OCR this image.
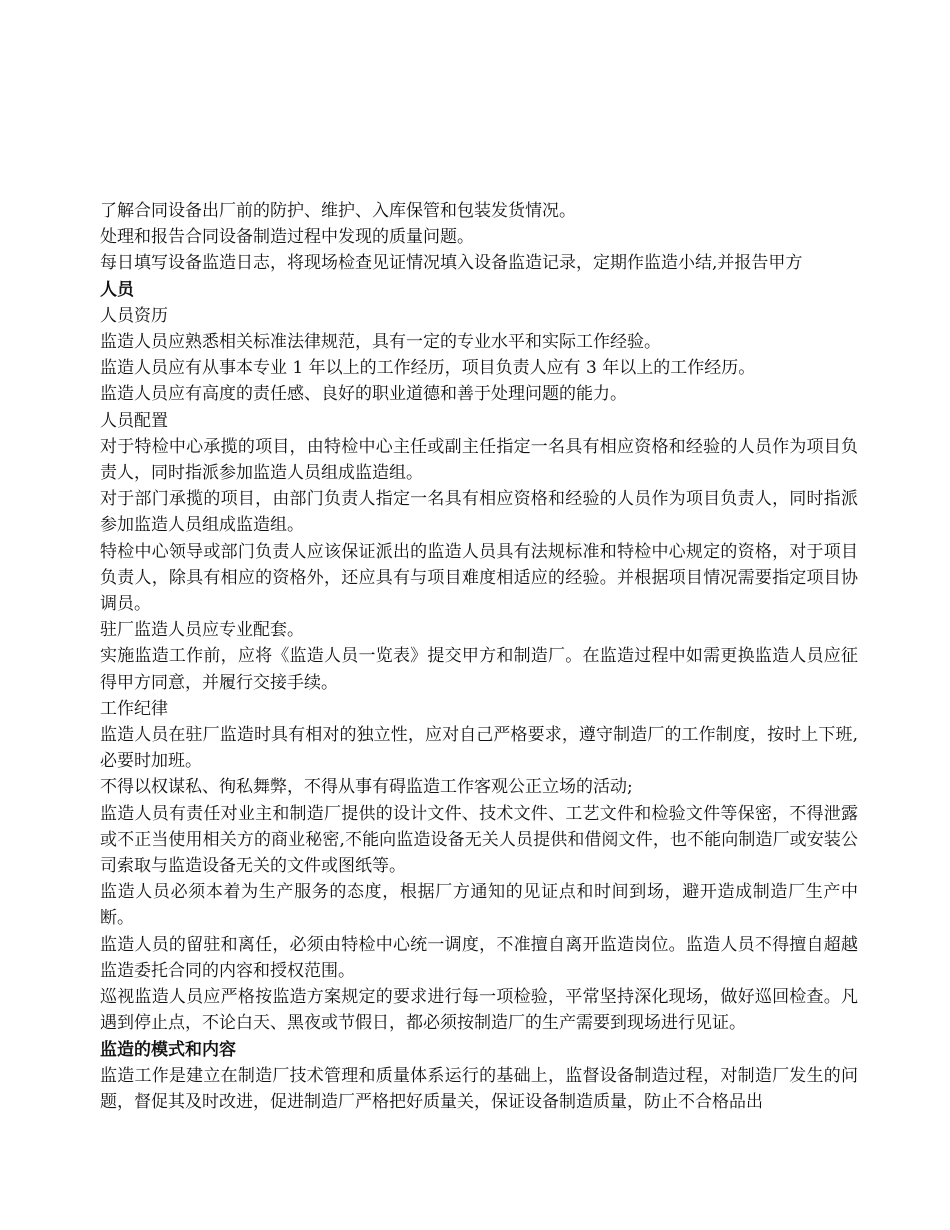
了解合同设备出厂前的防护、维护、入库保管和包装发货情况。

处理和报告合同设备制造过程中发现的质量问题。

每日填写设备监造日志，将现场检查见证情况填入设备监造记录，定期作监造小结,并报告甲方

人员

人员资历

监造人员应熟悉相关标准法律规范，具有一定的专业水平和实际工作经验。

监造人员应有从事本专业 1 年以上的工作经历，项目负责人应有 3 年以上的工作经历。

监造人员应有高度的责任感、良好的职业道德和善于处理问题的能力。

人员配置

对于特检中心承揽的项目，由特检中心主任或副主任指定一名具有相应资格和经验的人员作为项目负责人，同时指派参加监造人员组成监造组。

对于部门承揽的项目，由部门负责人指定一名具有相应资格和经验的人员作为项目负责人，同时指派参加监造人员组成监造组。

特检中心领导或部门负责人应该保证派出的监造人员具有法规标准和特检中心规定的资格，对于项目负责人，除具有相应的资格外，还应具有与项目难度相适应的经验。并根据项目情况需要指定项目协调员。

驻厂监造人员应专业配套。

实施监造工作前，应将《监造人员一览表》提交甲方和制造厂。在监造过程中如需更换监造人员应征得甲方同意，并履行交接手续。

工作纪律

监造人员在驻厂监造时具有相对的独立性，应对自己严格要求，遵守制造厂的工作制度，按时上下班,必要时加班。

不得以权谋私、徇私舞弊，不得从事有碍监造工作客观公正立场的活动;

监造人员有责任对业主和制造厂提供的设计文件、技术文件、工艺文件和检验文件等保密，不得泄露或不正当使用相关方的商业秘密,不能向监造设备无关人员提供和借阅文件，也不能向制造厂或安装公司索取与监造设备无关的文件或图纸等。

监造人员必须本着为生产服务的态度，根据厂方通知的见证点和时间到场，避开造成制造厂生产中断。

监造人员的留驻和离任，必须由特检中心统一调度，不准擅自离开监造岗位。监造人员不得擅自超越监造委托合同的内容和授权范围。

巡视监造人员应严格按监造方案规定的要求进行每一项检验，平常坚持深化现场，做好巡回检查。凡遇到停止点，不论白天、黑夜或节假日，都必须按制造厂的生产需要到现场进行见证。

监造的模式和内容

监造工作是建立在制造厂技术管理和质量体系运行的基础上，监督设备制造过程，对制造厂发生的问题，督促其及时改进，促进制造厂严格把好质量关，保证设备制造质量，防止不合格品出
